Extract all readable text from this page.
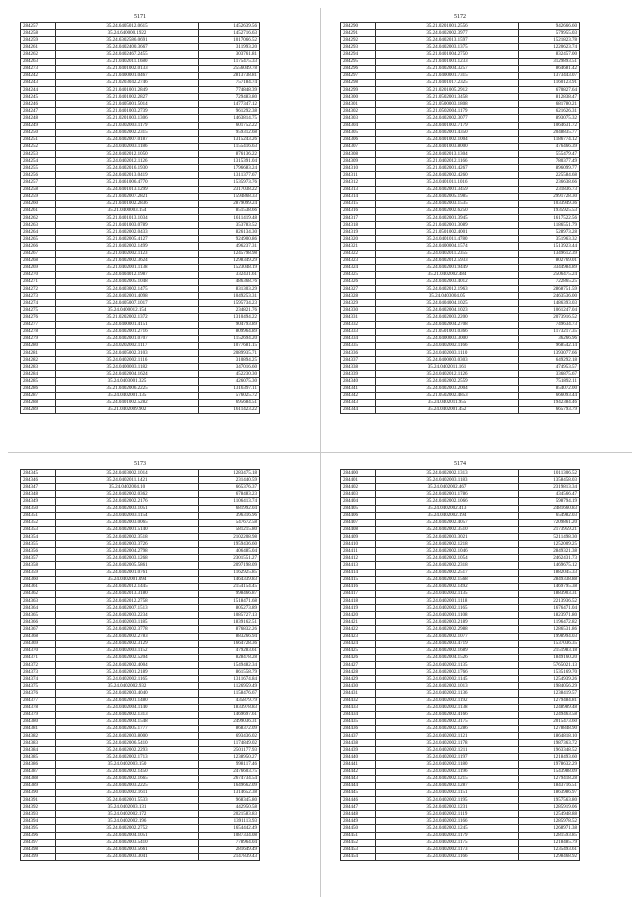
5171
284257	35.24.6405012.0615	1452639.56
284258	35.24.640000.1922	1452716.63
284259	35.24.6302586.0691	1017066.52
284261	35.24.0402400.3667	311993.20
284262	35.24.0402467.2455	303761.81
284263	35.21.0402011.1680	1175475.33
284273	35.21.0401002.0133	2556049.78
284242	35.21.0400001.0467	2813738.81
284243	35.21.0203042.2746	757184.74
284244	35.21.0401001.2849	774848.39
284245	35.21.0401002.2827	729483.80
284246	35.21.0405001.5014	1477347.12
284247	35.21.0401003.2739	961292.38
284248	35.21.0201003.1306	1463814.75
284249	35.21.0302003.1179	601752.22
284250	35.24.0402002.2315	959312.68
284251	35.24.0402007.0187	1315243.26
284252	35.24.0402003.1186	1155416.63
284253	35.24.0402012.1050	876136.22
284254	35.24.0402012.1126	1315391.04
284255	35.24.0402016.1930	1796683.24
284256	35.24.0402013.0419	1311377.67
284257	35.21.0461006.4770	1535973.76
284258	35.24.0401013.1299	2317038.22
284259	35.21.0402007.2821	1594868.33
284260	35.21.0401002.2836	2879099.24
284261	35.21.0400003.154	851538.66
284262	35.21.0401013.1034	1611419.48
284263	35.21.0401003.0789	353783.52
284264	35.21.0402002.0433	826134.30
284265	35.21.0402005.4127	924900.86
284266	35.21.0402002.1499	496237.31
284267	35.21.0402002.1123	1245798.98
284268	35.21.0402002.3624	1298349.29
284269	35.21.0402001.1138	1523048.19
284270	35.24.0404012.1987	332431.61
284271	35.24.0402005.1048	486368.76
284272	35.24.0403002.1475	831303.29
284273	35.24.0402001.4098	1049253.31
284274	35.24.0405007.1017	1595734.23
284275	35.24.0400012.154	234821.76
284276	35.21.0202002.1372	1310494.22
284277	35.24.0400001.4151	904793.89
284278	35.24.0402001.2716	809964.89
284279	35.24.0402001.0707	1152694.20
284280	35.24.0202002.1117	1077681.15
284281	35.24.0405002.3103	2089935.71
284282	35.24.0402002.1116	310894.25
284283	35.24.0400003.1182	347016.60
284284	35.24.0402004.1624	452230.30
284285	35.24.0403001.325	426075.30
284286	35.21.0402006.2225	1316397.11
284287	35.24.0402001.135	576025.72
284288	35.24.0401002.5282	695684.51
284289	35.21.0402009.902	1611423.22
5172
284290	35.21.0201001.2556	942666.60
284291	35.24.0402002.3977	579955.03
284292	35.24.0402013.1597	1521823.78
284293	35.24.0402003.1375	1220623.74
284294	35.21.0401004.2750	832457.00
284295	35.21.0401001.1233	3129893.51
284296	35.21.0402004.3257	864681.42
284297	35.21.0400001.7315	1373443.07
284298	35.21.0401017.2325	1160123.91
284299	35.21.0201005.2912	670827.64
284300	35.21.0502001.3458	812838.47
284301	35.21.0500003.1808	681780.21
284302	35.21.0502004.1179	621626.31
284303	35.24.0402002.3077	893075.32
284304	35.24.0401002.7179	1064631.72
284305	35.24.0402001.4350	2048835.77
284306	35.24.0401002.1004	1186774.12
284307	35.24.0401003.8000	476466.39
284308	35.24.0402013.1304	555479.47
284309	35.21.0402012.1166	780377.49
284310	35.21.0402001.4267	896099.77
284311	35.24.0402002.4260	225584.68
284312	35.24.0401011.1016	236638.66
284313	35.24.0402001.3459	231836.73
284314	35.24.0402005.1985	2991728.30
284315	35.24.0402003.1535	1033949.36
284316	35.24.0402002.6250	1935925.53
284317	35.24.0402001.3945	1617522.56
284318	35.21.0402001.3089	1186551.79
284319	35.21.0501002.4001	528973.28
284320	35.24.0401011.4780	351963.32
284321	35.24.0400004.1574	1513923.44
284322	35.24.0402011.2355	1349612.39
284323	35.24.0402012.5933	802769.01
284324	35.24.0402001.9449	3344984.89
284325	35.21.0402002.484	2506475.24
284326	35.24.0402003.4012	722865.25
284327	35.24.0402012.1963	2868751.59
284328	35.24.0403004.05	2463536.00
284329	35.24.0404004.1025	1486393.03
284330	35.24.0402004.1023	1061247.04
284331	35.24.0402003.2200	2073916.52
284332	35.24.0402004.2708	749634.73
284333	35.21.0501001.0366	1173217.35
284334	35.24.0400003.3000	36266.96
284335	35.24.0402002.1166	968542.14
284336	35.24.0402003.1110	1393077.66
284337	35.24.0400003.0303	649292.18
284338	35.24.0402011.161	474953.57
284339	35.24.0402012.1126	336875.67
284340	35.24.0402002.2559	751892.11
284341	35.24.0402003.2004	854072.00
284342	35.21.0502002.4853	666093.44
284343	35.24.0402011.955	1942384.46
284344	35.24.0402001.452	665793.79
5173
284345	35.24.0403002.1014	1283475.18
284346	35.24.0402011.1421	231440.59
284347	35.24.0402004.10	665376.37
284348	35.24.0402002.0362	678483.23
284349	35.24.0402002.2176	1106413.74
284350	35.24.0402003.1051	681992.04
284351	35.24.0402003.1154	396316.96
284352	35.24.0402003.0065	547672.58
284353	35.24.0402001.5140	581215.80
284354	35.24.0402002.3518	2102208.98
284355	35.24.0402003.3726	1959436.60
284356	35.24.0402004.2798	406485.04
284357	35.24.0402003.1268	2301551.27
284358	35.24.0402005.5861	2097198.09
284359	35.24.0402001.0761	1162925.85
284360	35.24.0402001.094	1464339.83
284361	35.24.0402012.1445	2154154.45
284362	35.24.0402013.3180	998466.87
284363	35.24.0402012.2758	1518471.68
284364	35.24.0402007.1513	805273.89
284365	35.24.0402003.2234	1085727.13
284366	35.24.0402003.1185	1839162.51
284367	35.24.0402002.3778	876832.26
284368	35.24.0402002.2783	883266.94
284369	35.24.0402002.3129	1664728.36
284370	35.24.0402003.1152	479283.61
284371	35.24.0402002.5204	828478.28
284372	35.24.0402002.4004	1549482.34
284373	35.24.0402001.2189	861558.79
284374	35.24.0402002.1165	1311674.84
284375	35.24.0402002.932	1126959.49
284376	35.24.0402003.4040	1158476.67
284377	35.24.0402001.1480	435879.79
284378	35.24.0402004.1140	1833978.83
284379	35.24.0402002.1313	1469697.61
284380	35.24.0402004.1548	2499036.31
284381	35.24.0402005.1777	868372.09
284382	35.24.0402003.8000	693436.02
284383	35.24.0402006.5410	1174849.02
284384	35.24.0402002.2293	2501177.93
284385	35.24.0402002.1713	1238950.27
284386	35.24.0402003.150	998117.46
284387	35.24.0402002.1450	2476603.75
284388	35.24.0402002.1665	2674734.54
284389	35.24.0402003.2225	1649662.09
284390	35.24.0402002.1611	1314652.38
284391	35.24.0402001.5533	968345.80
284392	35.24.0402003.131	442950.58
284393	35.24.0402002.172	2021583.83
284394	35.24.0402002.196	1391113.93
284395	35.24.0402002.2752	1654442.49
284396	35.24.0402004.1051	1087334.08
284397	35.24.0402003.5410	778964.04
284398	35.24.0402003.5661	281649.49
284399	35.24.0402003.3041	2147839.43
5174
284400	35.24.0402002.1313	1011306.52
284401	35.24.0402003.1183	1358458.03
284402	35.24.0402002.467	2319813.34
284403	35.24.0402001.1786	434566.47
284404	35.24.0402002.1066	598794.19
284405	35.24.0402002.413	2481660.83
284406	35.24.0402002.194	654982.03
284407	35.24.0402002.4057	7209861.20
284408	35.24.0402002.3510	2173959.21
284409	35.24.0402003.3021	5211498.30
284410	35.24.0402002.1218	1252009.25
284411	35.24.0402002.1046	2849321.38
284412	35.24.0402002.1054	2462431.73
284413	35.24.0402002.2318	1469675.12
284414	35.24.0402002.2517	1882045.33
284415	35.24.0402002.1568	2849338.88
284416	35.24.0402002.1492	1469795.38
284417	35.24.0402002.1135	1883903.31
284418	35.24.0402001.1118	2213936.52
284419	35.24.0402002.1165	1676471.04
284420	35.24.0402001.1108	1823971.80
284421	35.24.0402003.2189	1196472.82
284422	35.24.0402002.2988	1286531.86
284423	35.24.0402002.1077	1998994.03
284424	35.24.0402003.4719	1537036.35
284425	35.24.0402002.1689	2151983.18
284426	35.24.0402004.1526	1849160.20
284427	35.24.0402002.1135	5765021.13
284428	35.24.0402002.1766	1535169.70
284429	35.24.0402002.1145	1254939.26
284430	35.24.0402002.1013	1984056.29
284431	35.24.0402002.1136	1238419.57
284432	35.24.0402002.1192	1279484.81
284433	35.24.0402002.1138	1248989.48
284434	35.24.0402002.4166	1249463.58
284435	35.24.0402002.3175	2015473.60
284436	35.24.0402002.1286	1278848.90
284437	35.24.0402002.1121	1864818.10
284438	35.24.0402002.1178	1987363.72
284439	35.24.0402002.1211	1963348.52
284440	35.24.0402002.1197	1218493.60
284441	35.24.0402002.1180	1978632.29
284442	35.24.0402002.1196	1543988.09
284443	35.24.0402002.1215	1279418.28
284444	35.24.0402002.1287	1843716.51
284445	35.24.0402002.1151	1863986.97
284446	35.24.0402002.1195	1957563.80
284447	35.24.0402002.1231	1285919.06
284448	35.24.0402002.1119	1254948.88
284449	35.24.0402002.1166	1285978.52
284450	35.24.0402002.1245	1268971.38
284451	35.24.0402002.1179	1281593.85
284452	35.24.0402002.1175	1218485.79
284453	35.24.0402002.1173	1235493.61
284454	35.24.0402002.1166	1298468.92
